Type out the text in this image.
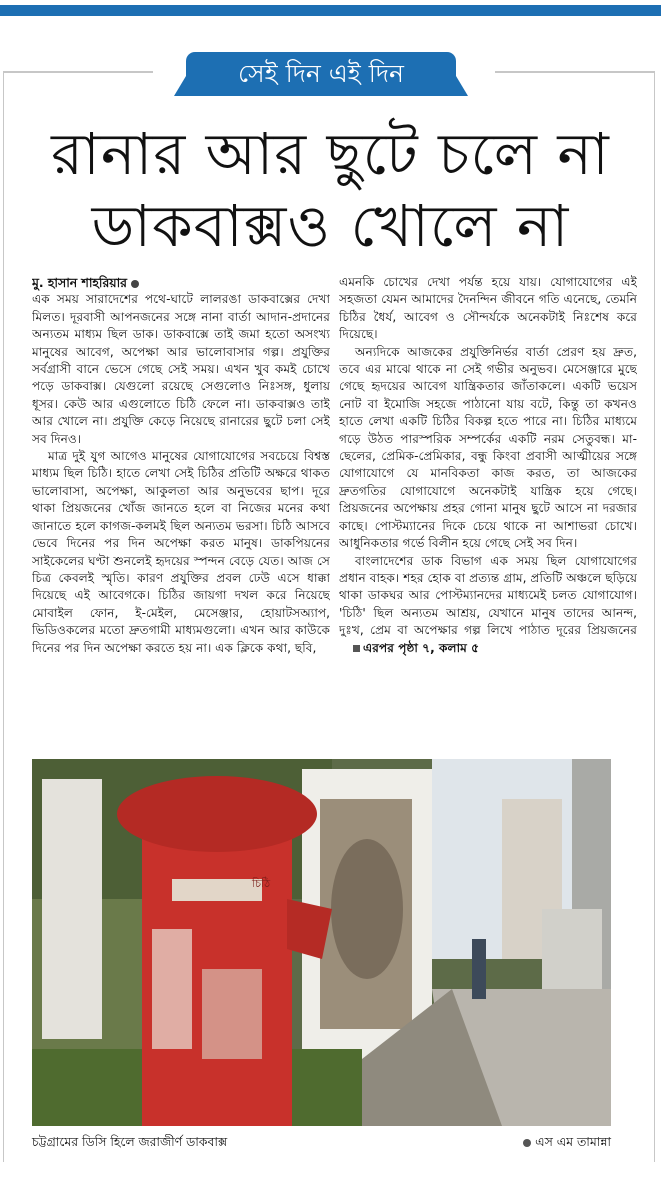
সেই দিন এই দিন
রানার আর ছুটে চলে না
ডাকবাক্সও খোলে না
মু. হাসান শাহরিয়ার

এক সময় সারাদেশের পথে-ঘাটে লালরঙা ডাকবাক্সের দেখা মিলত। দূরবাসী আপনজনের সঙ্গে নানা বার্তা আদান-প্রদানের অন্যতম মাধ্যম ছিল ডাক। ডাকবাক্সে তাই জমা হতো অসংখ্য মানুষের আবেগ, অপেক্ষা আর ভালোবাসার গল্প। প্রযুক্তির সর্বগ্রাসী বানে ভেসে গেছে সেই সময়। এখন খুব কমই চোখে পড়ে ডাকবাক্স। যেগুলো রয়েছে সেগুলোও নিঃসঙ্গ, ধুলায় ধূসর। কেউ আর এগুলোতে চিঠি ফেলে না। ডাকবাক্সও তাই আর খোলে না। প্রযুক্তি কেড়ে নিয়েছে রানারের ছুটে চলা সেই সব দিনও।

মাত্র দুই যুগ আগেও মানুষের যোগাযোগের সবচেয়ে বিশ্বস্ত মাধ্যম ছিল চিঠি। হাতে লেখা সেই চিঠির প্রতিটি অক্ষরে থাকত ভালোবাসা, অপেক্ষা, আকুলতা আর অনুভবের ছাপ। দূরে থাকা প্রিয়জনের খোঁজ জানতে হলে বা নিজের মনের কথা জানাতে হলে কাগজ-কলমই ছিল অন্যতম ভরসা। চিঠি আসবে ভেবে দিনের পর দিন অপেক্ষা করত মানুষ। ডাকপিয়নের সাইকেলের ঘণ্টা শুনলেই হৃদয়ের স্পন্দন বেড়ে যেত। আজ সে চিত্র কেবলই স্মৃতি। কারণ প্রযুক্তির প্রবল ঢেউ এসে ধাক্কা দিয়েছে এই আবেগকে। চিঠির জায়গা দখল করে নিয়েছে মোবাইল ফোন, ই-মেইল, মেসেঞ্জার, হোয়াটসঅ্যাপ, ভিডিওকলের মতো দ্রুতগামী মাধ্যমগুলো। এখন আর কাউকে দিনের পর দিন অপেক্ষা করতে হয় না। এক ক্লিকে কথা, ছবি,

এমনকি চোখের দেখা পর্যন্ত হয়ে যায়। যোগাযোগের এই সহজতা যেমন আমাদের দৈনন্দিন জীবনে গতি এনেছে, তেমনি চিঠির ধৈর্য, আবেগ ও সৌন্দর্যকে অনেকটাই নিঃশেষ করে দিয়েছে।

অন্যদিকে আজকের প্রযুক্তিনির্ভর বার্তা প্রেরণ হয় দ্রুত, তবে এর মাঝে থাকে না সেই গভীর অনুভব। মেসেঞ্জারে মুছে গেছে হৃদয়ের আবেগ যান্ত্রিকতার জাঁতাকলে। একটি ভয়েস নোট বা ইমোজি সহজে পাঠানো যায় বটে, কিন্তু তা কখনও হাতে লেখা একটি চিঠির বিকল্প হতে পারে না। চিঠির মাধ্যমে গড়ে উঠত পারস্পরিক সম্পর্কের একটি নরম সেতুবন্ধ। মা-ছেলের, প্রেমিক-প্রেমিকার, বন্ধু কিংবা প্রবাসী আত্মীয়ের সঙ্গে যোগাযোগে যে মানবিকতা কাজ করত, তা আজকের দ্রুতগতির যোগাযোগে অনেকটাই যান্ত্রিক হয়ে গেছে। প্রিয়জনের অপেক্ষায় প্রহর গোনা মানুষ ছুটে আসে না দরজার কাছে। পোস্টম্যানের দিকে চেয়ে থাকে না আশাভরা চোখে। আধুনিকতার গর্ভে বিলীন হয়ে গেছে সেই সব দিন।

বাংলাদেশের ডাক বিভাগ এক সময় ছিল যোগাযোগের প্রধান বাহক। শহর হোক বা প্রত্যন্ত গ্রাম, প্রতিটি অঞ্চলে ছড়িয়ে থাকা ডাকঘর আর পোস্টম্যানদের মাধ্যমেই চলত যোগাযোগ। 'চিঠি' ছিল অন্যতম আশ্রয়, যেখানে মানুষ তাদের আনন্দ, দুঃখ, প্রেম বা অপেক্ষার গল্প লিখে পাঠাত দূরের প্রিয়জনেরএরপর পৃষ্ঠা ৭, কলাম ৫

চিঠি
চট্টগ্রামের ডিসি হিলে জরাজীর্ণ ডাকবাক্স	এস এম তামান্না
